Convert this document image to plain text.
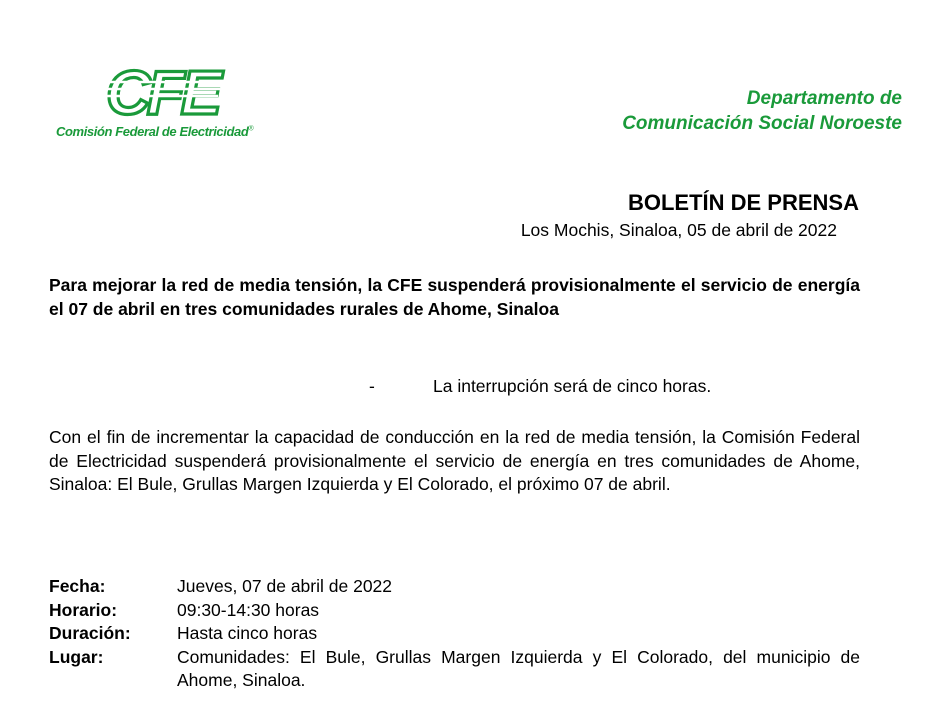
CFE
Comisión Federal de Electricidad®
Departamento de
Comunicación Social Noroeste
BOLETÍN DE PRENSA
Los Mochis, Sinaloa, 05 de abril de 2022
Para mejorar la red de media tensión, la CFE suspenderá provisionalmente el servicio de energía el 07 de abril en tres comunidades rurales de Ahome, Sinaloa
-	La interrupción será de cinco horas.
Con el fin de incrementar la capacidad de conducción en la red de media tensión, la Comisión Federal de Electricidad suspenderá provisionalmente el servicio de energía en tres comunidades de Ahome, Sinaloa: El Bule, Grullas Margen Izquierda y El Colorado, el próximo 07 de abril.
Fecha:	Jueves, 07 de abril de 2022
Horario:	09:30-14:30 horas
Duración:	Hasta cinco horas
Lugar:	Comunidades: El Bule, Grullas Margen Izquierda y El Colorado, del municipio de Ahome, Sinaloa.
